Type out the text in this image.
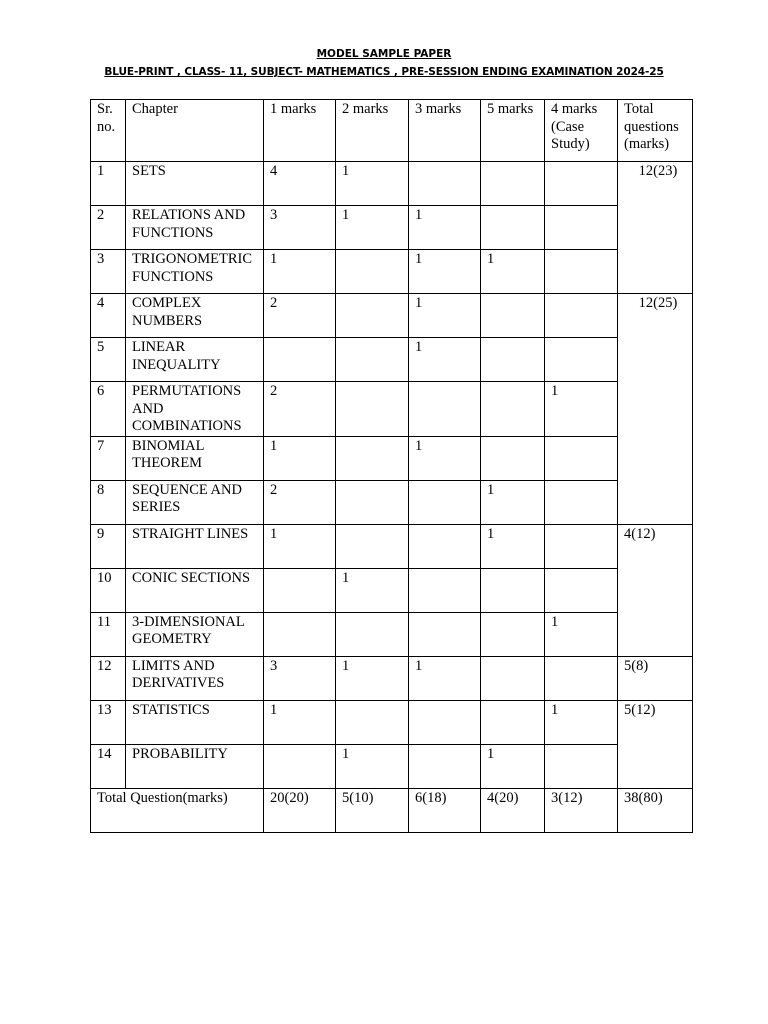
MODEL SAMPLE PAPER
BLUE-PRINT , CLASS- 11, SUBJECT- MATHEMATICS , PRE-SESSION ENDING EXAMINATION 2024-25
Sr. no.	Chapter	1 marks	2 marks	3 marks	5 marks	4 marks (Case Study)	Total questions (marks)
1	SETS	4	1				12(23)
2	RELATIONS AND FUNCTIONS	3	1	1			
3	TRIGONOMETRIC FUNCTIONS	1		1	1		
4	COMPLEX NUMBERS	2		1			12(25)
5	LINEAR INEQUALITY			1			
6	PERMUTATIONS AND COMBINATIONS	2				1	
7	BINOMIAL THEOREM	1		1			
8	SEQUENCE AND SERIES	2			1		
9	STRAIGHT LINES	1			1		4(12)
10	CONIC SECTIONS		1				
11	3-DIMENSIONAL GEOMETRY					1	
12	LIMITS AND DERIVATIVES	3	1	1			5(8)
13	STATISTICS	1				1	5(12)
14	PROBABILITY		1		1		
Total Question(marks)		20(20)	5(10)	6(18)	4(20)	3(12)	38(80)
